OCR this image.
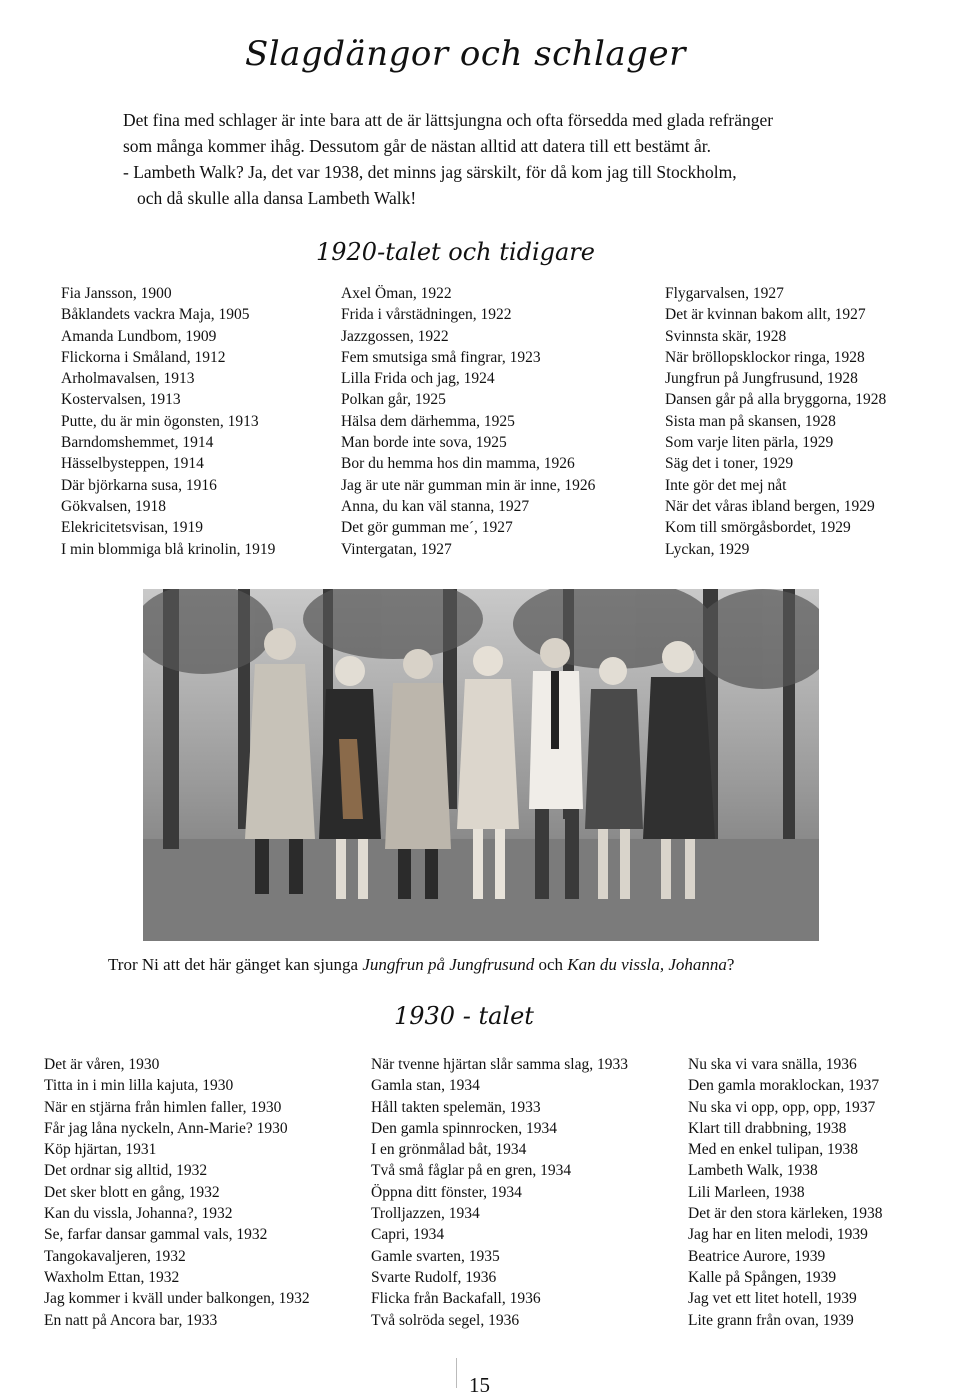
Slagdängor och schlager
Det fina med schlager är inte bara att de är lättsjungna och ofta försedda med glada refränger
som många kommer ihåg. Dessutom går de nästan alltid att datera till ett bestämt år.
- Lambeth Walk? Ja, det var 1938, det minns jag särskilt, för då kom jag till Stockholm,
och då skulle alla dansa Lambeth Walk!
1920-talet och tidigare
Fia Jansson, 1900
Båklandets vackra Maja, 1905
Amanda Lundbom, 1909
Flickorna i Småland, 1912
Arholmavalsen, 1913
Kostervalsen, 1913
Putte, du är min ögonsten, 1913
Barndomshemmet, 1914
Hässelbysteppen, 1914
Där björkarna susa, 1916
Gökvalsen, 1918
Elekricitetsvisan, 1919
I min blommiga blå krinolin, 1919
Axel Öman, 1922
Frida i vårstädningen, 1922
Jazzgossen, 1922
Fem smutsiga små fingrar, 1923
Lilla Frida och jag, 1924
Polkan går, 1925
Hälsa dem därhemma, 1925
Man borde inte sova, 1925
Bor du hemma hos din mamma, 1926
Jag är ute när gumman min är inne, 1926
Anna, du kan väl stanna, 1927
Det gör gumman me´, 1927
Vintergatan, 1927
Flygarvalsen, 1927
Det är kvinnan bakom allt, 1927
Svinnsta skär, 1928
När bröllopsklockor ringa, 1928
Jungfrun på Jungfrusund, 1928
Dansen går på alla bryggorna, 1928
Sista man på skansen, 1928
Som varje liten pärla, 1929
Säg det i toner, 1929
Inte gör det mej nåt
När det våras ibland bergen, 1929
Kom till smörgåsbordet, 1929
Lyckan, 1929

Tror Ni att det här gänget kan sjunga Jungfrun på Jungfrusund och Kan du vissla, Johanna?

1930 - talet
Det är våren, 1930
Titta in i min lilla kajuta, 1930
När en stjärna från himlen faller, 1930
Får jag låna nyckeln, Ann-Marie? 1930
Köp hjärtan, 1931
Det ordnar sig alltid, 1932
Det sker blott en gång, 1932
Kan du vissla, Johanna?, 1932
Se, farfar dansar gammal vals, 1932
Tangokavaljeren, 1932
Waxholm Ettan, 1932
Jag kommer i kväll under balkongen, 1932
En natt på Ancora bar, 1933
När tvenne hjärtan slår samma slag, 1933
Gamla stan, 1934
Håll takten spelemän, 1933
Den gamla spinnrocken, 1934
I en grönmålad båt, 1934
Två små fåglar på en gren, 1934
Öppna ditt fönster, 1934
Trolljazzen, 1934
Capri, 1934
Gamle svarten, 1935
Svarte Rudolf, 1936
Flicka från Backafall, 1936
Två solröda segel, 1936
Nu ska vi vara snälla, 1936
Den gamla moraklockan, 1937
Nu ska vi opp, opp, opp, 1937
Klart till drabbning, 1938
Med en enkel tulipan, 1938
Lambeth Walk, 1938
Lili Marleen, 1938
Det är den stora kärleken, 1938
Jag har en liten melodi, 1939
Beatrice Aurore, 1939
Kalle på Spången, 1939
Jag vet ett litet hotell, 1939
Lite grann från ovan, 1939
15
